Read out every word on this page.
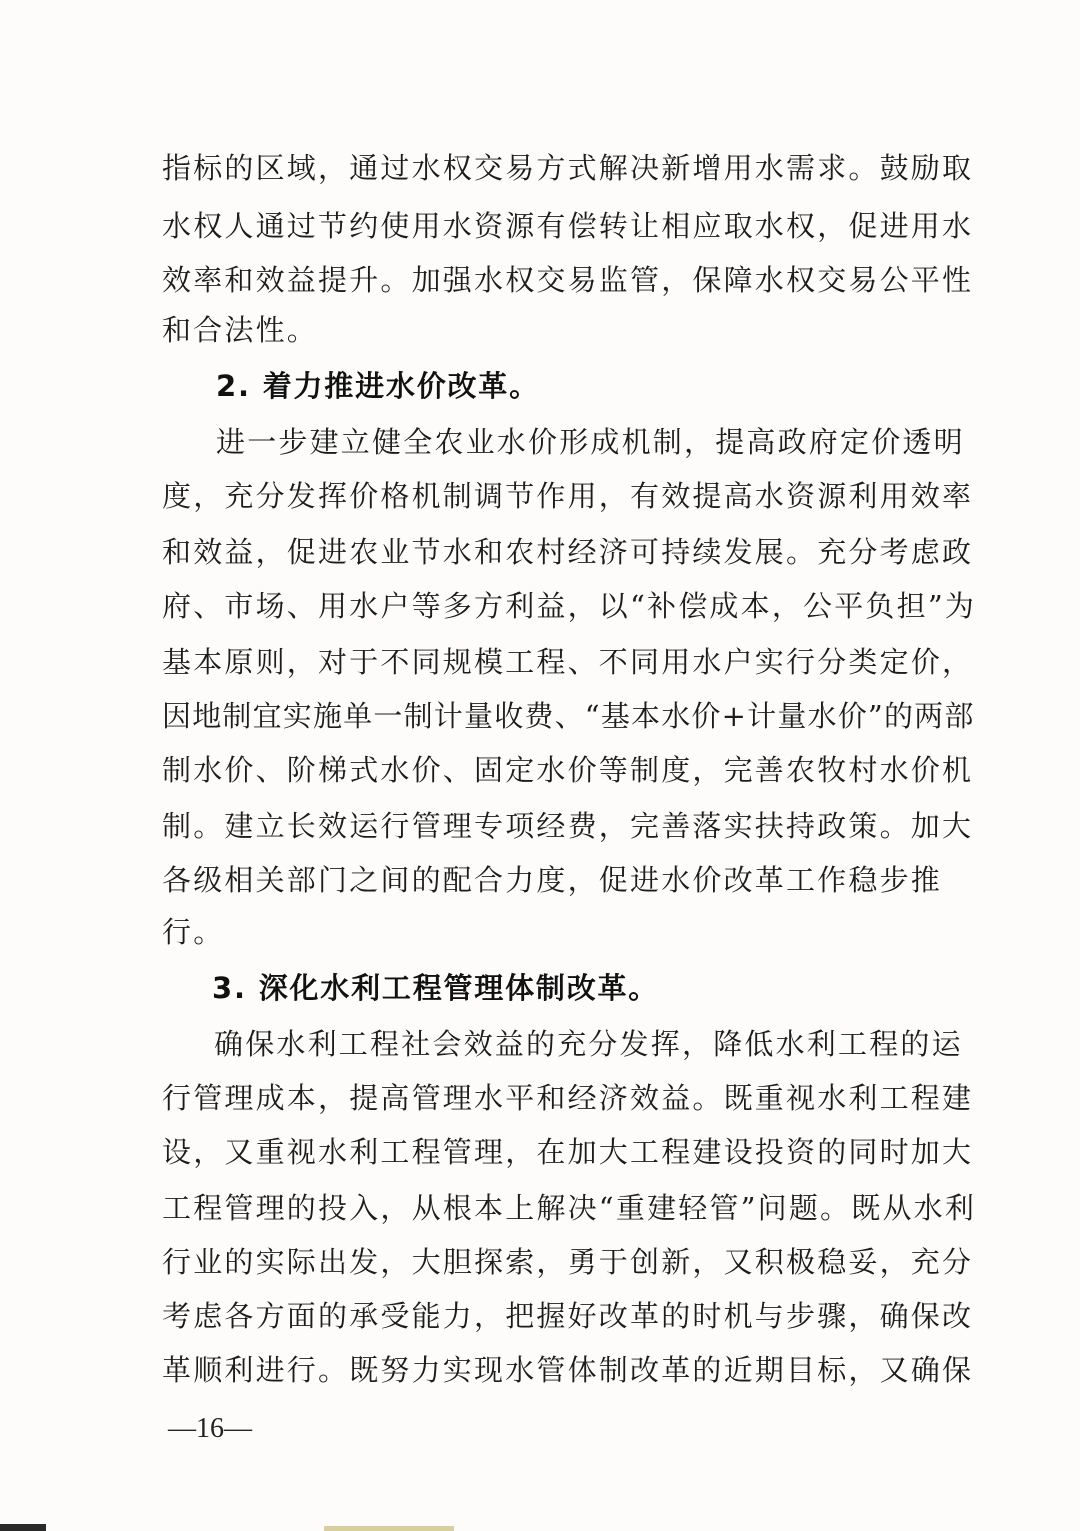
指标的区域，通过水权交易方式解决新增用水需求。鼓励取
水权人通过节约使用水资源有偿转让相应取水权，促进用水
效率和效益提升。加强水权交易监管，保障水权交易公平性
和合法性。
2. 着力推进水价改革。
进一步建立健全农业水价形成机制，提高政府定价透明
度，充分发挥价格机制调节作用，有效提高水资源利用效率
和效益，促进农业节水和农村经济可持续发展。充分考虑政
府、市场、用水户等多方利益，以“补偿成本，公平负担”为
基本原则，对于不同规模工程、不同用水户实行分类定价，
因地制宜实施单一制计量收费、“基本水价+计量水价”的两部
制水价、阶梯式水价、固定水价等制度，完善农牧村水价机
制。建立长效运行管理专项经费，完善落实扶持政策。加大
各级相关部门之间的配合力度，促进水价改革工作稳步推
行。
3. 深化水利工程管理体制改革。
确保水利工程社会效益的充分发挥，降低水利工程的运
行管理成本，提高管理水平和经济效益。既重视水利工程建
设，又重视水利工程管理，在加大工程建设投资的同时加大
工程管理的投入，从根本上解决“重建轻管”问题。既从水利
行业的实际出发，大胆探索，勇于创新，又积极稳妥，充分
考虑各方面的承受能力，把握好改革的时机与步骤，确保改
革顺利进行。既努力实现水管体制改革的近期目标，又确保
—16—
